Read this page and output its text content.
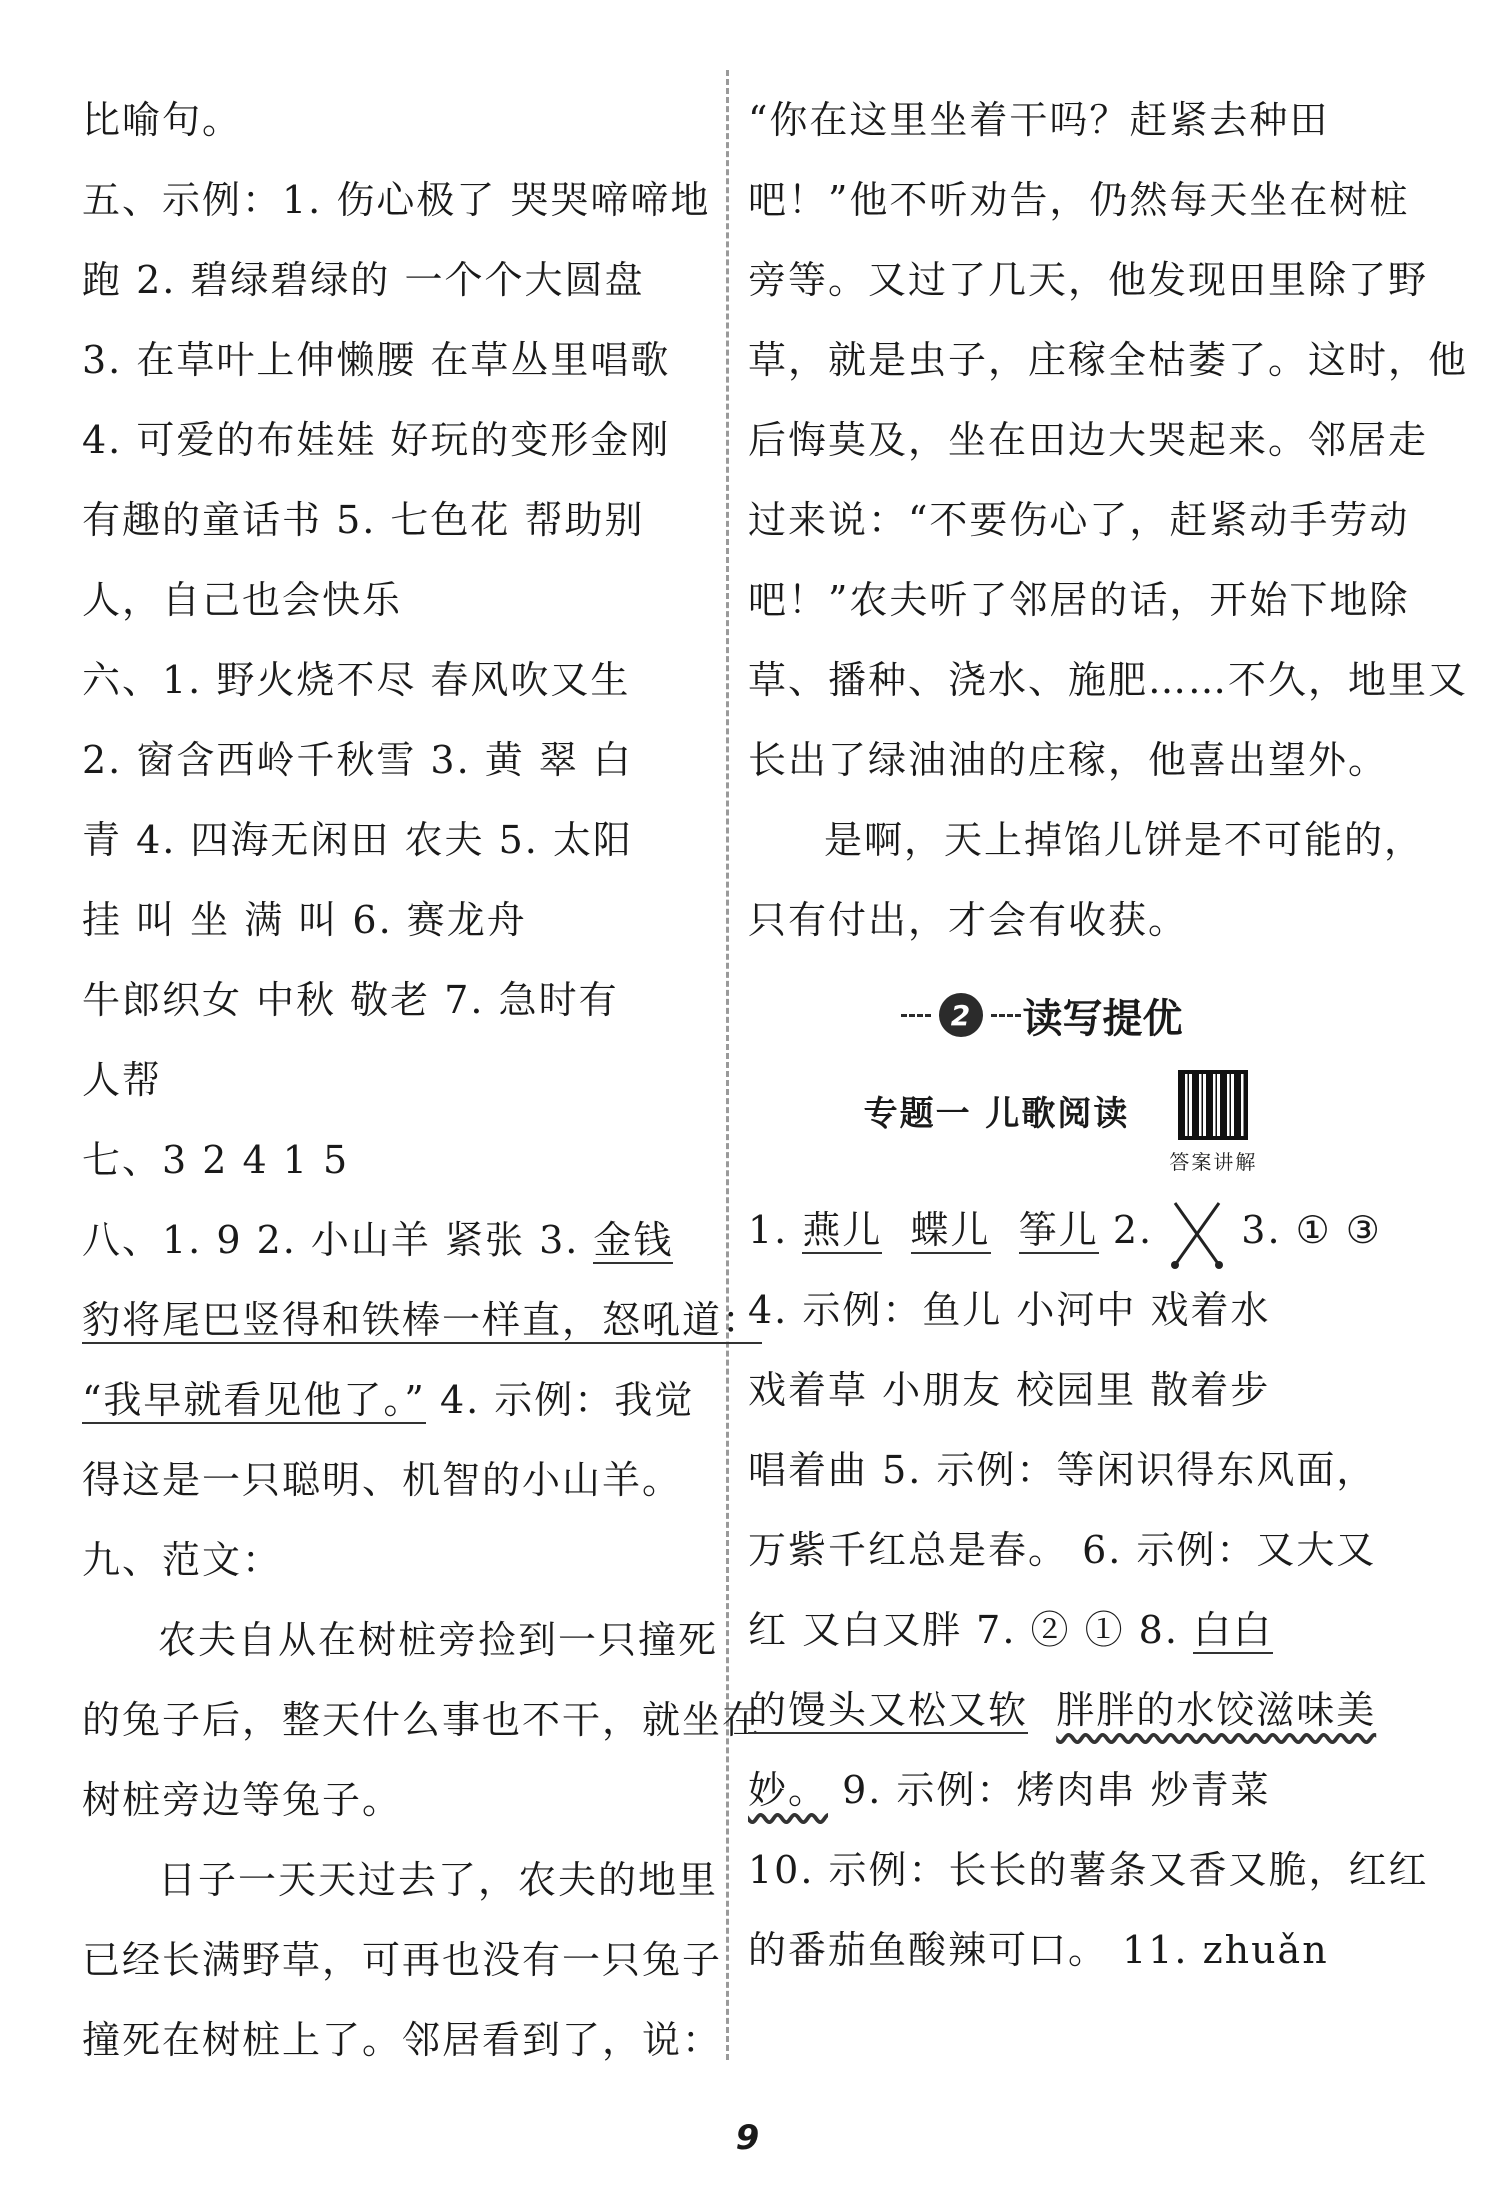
比喻句。
五、示例：1. 伤心极了 哭哭啼啼地
跑 2. 碧绿碧绿的 一个个大圆盘
3. 在草叶上伸懒腰 在草丛里唱歌
4. 可爱的布娃娃 好玩的变形金刚
有趣的童话书 5. 七色花 帮助别
人，自己也会快乐
六、1. 野火烧不尽 春风吹又生
2. 窗含西岭千秋雪 3. 黄 翠 白
青 4. 四海无闲田 农夫 5. 太阳
挂 叫 坐 满 叫 6. 赛龙舟
牛郎织女 中秋 敬老 7. 急时有
人帮
七、3 2 4 1 5
八、1. 9 2. 小山羊 紧张 3. 金钱
豹将尾巴竖得和铁棒一样直，怒吼道：
“我早就看见他了。” 4. 示例：我觉
得这是一只聪明、机智的小山羊。
九、范文：
农夫自从在树桩旁捡到一只撞死
的兔子后，整天什么事也不干，就坐在
树桩旁边等兔子。
日子一天天过去了，农夫的地里
已经长满野草，可再也没有一只兔子
撞死在树桩上了。邻居看到了，说：
“你在这里坐着干吗？赶紧去种田
吧！”他不听劝告，仍然每天坐在树桩
旁等。又过了几天，他发现田里除了野
草，就是虫子，庄稼全枯萎了。这时，他
后悔莫及，坐在田边大哭起来。邻居走
过来说：“不要伤心了，赶紧动手劳动
吧！”农夫听了邻居的话，开始下地除
草、播种、浇水、施肥……不久，地里又
长出了绿油油的庄稼，他喜出望外。
是啊，天上掉馅儿饼是不可能的，
只有付出，才会有收获。
2	读写提优
专题一 儿歌阅读
答案讲解
1. 燕儿 蝶儿 筝儿 2.  3. ① ③
4. 示例：鱼儿 小河中 戏着水
戏着草 小朋友 校园里 散着步
唱着曲 5. 示例：等闲识得东风面，
万紫千红总是春。 6. 示例：又大又
红 又白又胖 7. ② ① 8. 白白
的馒头又松又软 胖胖的水饺滋味美
妙。 9. 示例：烤肉串 炒青菜
10. 示例：长长的薯条又香又脆，红红
的番茄鱼酸辣可口。 11. zhuǎn
9
